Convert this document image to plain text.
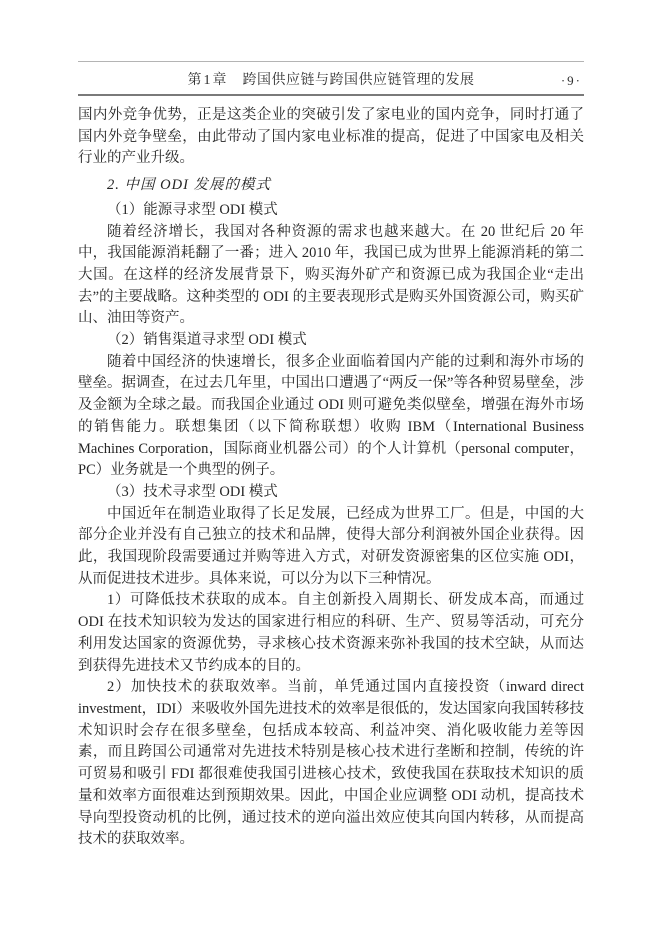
第1章 跨国供应链与跨国供应链管理的发展	·9·

国内外竞争优势，正是这类企业的突破引发了家电业的国内竞争，同时打通了国内外竞争壁垒，由此带动了国内家电业标准的提高，促进了中国家电及相关行业的产业升级。

2. 中国 ODI 发展的模式

（1）能源寻求型 ODI 模式

随着经济增长，我国对各种资源的需求也越来越大。在 20 世纪后 20 年中，我国能源消耗翻了一番；进入 2010 年，我国已成为世界上能源消耗的第二大国。在这样的经济发展背景下，购买海外矿产和资源已成为我国企业“走出去”的主要战略。这种类型的 ODI 的主要表现形式是购买外国资源公司，购买矿山、油田等资产。

（2）销售渠道寻求型 ODI 模式

随着中国经济的快速增长，很多企业面临着国内产能的过剩和海外市场的壁垒。据调查，在过去几年里，中国出口遭遇了“两反一保”等各种贸易壁垒，涉及金额为全球之最。而我国企业通过 ODI 则可避免类似壁垒，增强在海外市场的销售能力。联想集团（以下简称联想）收购 IBM（International Business Machines Corporation，国际商业机器公司）的个人计算机（personal computer，PC）业务就是一个典型的例子。

（3）技术寻求型 ODI 模式

中国近年在制造业取得了长足发展，已经成为世界工厂。但是，中国的大部分企业并没有自己独立的技术和品牌，使得大部分利润被外国企业获得。因此，我国现阶段需要通过并购等进入方式，对研发资源密集的区位实施 ODI，从而促进技术进步。具体来说，可以分为以下三种情况。

1）可降低技术获取的成本。自主创新投入周期长、研发成本高，而通过 ODI 在技术知识较为发达的国家进行相应的科研、生产、贸易等活动，可充分利用发达国家的资源优势，寻求核心技术资源来弥补我国的技术空缺，从而达到获得先进技术又节约成本的目的。

2）加快技术的获取效率。当前，单凭通过国内直接投资（inward direct investment，IDI）来吸收外国先进技术的效率是很低的，发达国家向我国转移技术知识时会存在很多壁垒，包括成本较高、利益冲突、消化吸收能力差等因素，而且跨国公司通常对先进技术特别是核心技术进行垄断和控制，传统的许可贸易和吸引 FDI 都很难使我国引进核心技术，致使我国在获取技术知识的质量和效率方面很难达到预期效果。因此，中国企业应调整 ODI 动机，提高技术导向型投资动机的比例，通过技术的逆向溢出效应使其向国内转移，从而提高技术的获取效率。
